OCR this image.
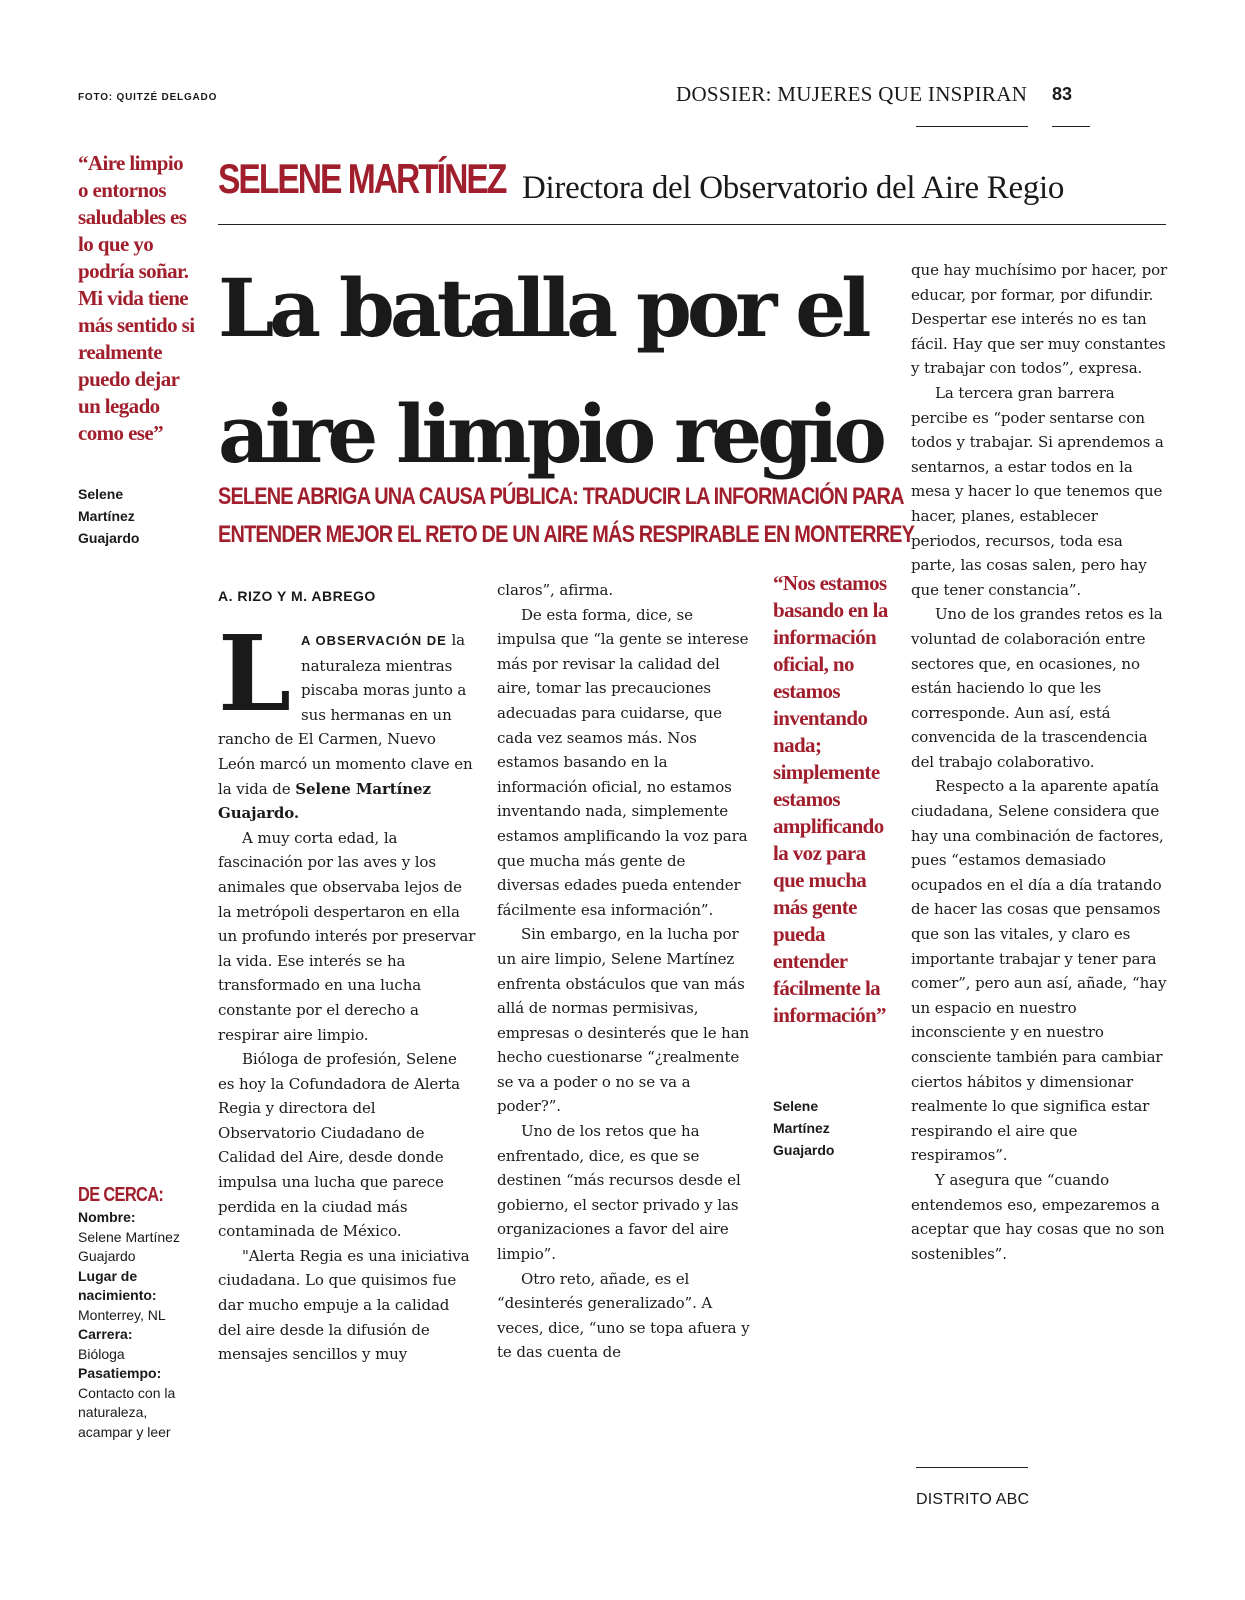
FOTO: QUITZÉ DELGADO	DOSSIER: MUJERES QUE INSPIRAN 83
“Aire limpio o entornos saludables es lo que yo podría soñar. Mi vida tiene más sentido si realmente puedo dejar un legado como ese”
Selene
Martínez
Guajardo
SELENE MARTÍNEZ Directora del Observatorio del Aire Regio
La batalla por el
aire limpio regio
SELENE ABRIGA UNA CAUSA PÚBLICA: TRADUCIR LA INFORMACIÓN PARA
ENTENDER MEJOR EL RETO DE UN AIRE MÁS RESPIRABLE EN MONTERREY
A. RIZO Y M. ABREGO

L A OBSERVACIÓN DE la naturaleza mientras piscaba moras junto a sus hermanas en un rancho de El Carmen, Nuevo León marcó un momento clave en la vida de Selene Martínez Guajardo.

A muy corta edad, la fascinación por las aves y los animales que observaba lejos de la metrópoli despertaron en ella un profundo interés por preservar la vida. Ese interés se ha transformado en una lucha constante por el derecho a respirar aire limpio.

Bióloga de profesión, Selene es hoy la Cofundadora de Alerta Regia y directora del Observatorio Ciudadano de Calidad del Aire, desde donde impulsa una lucha que parece perdida en la ciudad más contaminada de México.

"Alerta Regia es una iniciativa ciudadana. Lo que quisimos fue dar mucho empuje a la calidad del aire desde la difusión de mensajes sencillos y muy

claros”, afirma.

De esta forma, dice, se impulsa que “la gente se interese más por revisar la calidad del aire, tomar las precauciones adecuadas para cuidarse, que cada vez seamos más. Nos estamos basando en la información oficial, no estamos inventando nada, simplemente estamos amplificando la voz para que mucha más gente de diversas edades pueda entender fácilmente esa información”.

Sin embargo, en la lucha por un aire limpio, Selene Martínez enfrenta obstáculos que van más allá de normas permisivas, empresas o desinterés que le han hecho cuestionarse “¿realmente se va a poder o no se va a poder?”.

Uno de los retos que ha enfrentado, dice, es que se destinen “más recursos desde el gobierno, el sector privado y las organizaciones a favor del aire limpio”.

Otro reto, añade, es el “desinterés generalizado”. A veces, dice, “uno se topa afuera y te das cuenta de

“Nos estamos basando en la información oficial, no estamos inventando nada; simplemente estamos amplificando la voz para que mucha más gente pueda entender fácilmente la información”
Selene
Martínez
Guajardo

que hay muchísimo por hacer, por educar, por formar, por difundir. Despertar ese interés no es tan fácil. Hay que ser muy constantes y trabajar con todos”, expresa.

La tercera gran barrera percibe es “poder sentarse con todos y trabajar. Si aprendemos a sentarnos, a estar todos en la mesa y hacer lo que tenemos que hacer, planes, establecer periodos, recursos, toda esa parte, las cosas salen, pero hay que tener constancia”.

Uno de los grandes retos es la voluntad de colaboración entre sectores que, en ocasiones, no están haciendo lo que les corresponde. Aun así, está convencida de la trascendencia del trabajo colaborativo.

Respecto a la aparente apatía ciudadana, Selene considera que hay una combinación de factores, pues “estamos demasiado ocupados en el día a día tratando de hacer las cosas que pensamos que son las vitales, y claro es importante trabajar y tener para comer”, pero aun así, añade, “hay un espacio en nuestro inconsciente y en nuestro consciente también para cambiar ciertos hábitos y dimensionar realmente lo que significa estar respirando el aire que respiramos”.

Y asegura que “cuando entendemos eso, empezaremos a aceptar que hay cosas que no son sostenibles”.

DE CERCA:
Nombre:
Selene Martínez Guajardo
Lugar de nacimiento:
Monterrey, NL
Carrera:
Bióloga
Pasatiempo:
Contacto con la naturaleza, acampar y leer
DISTRITO ABC
